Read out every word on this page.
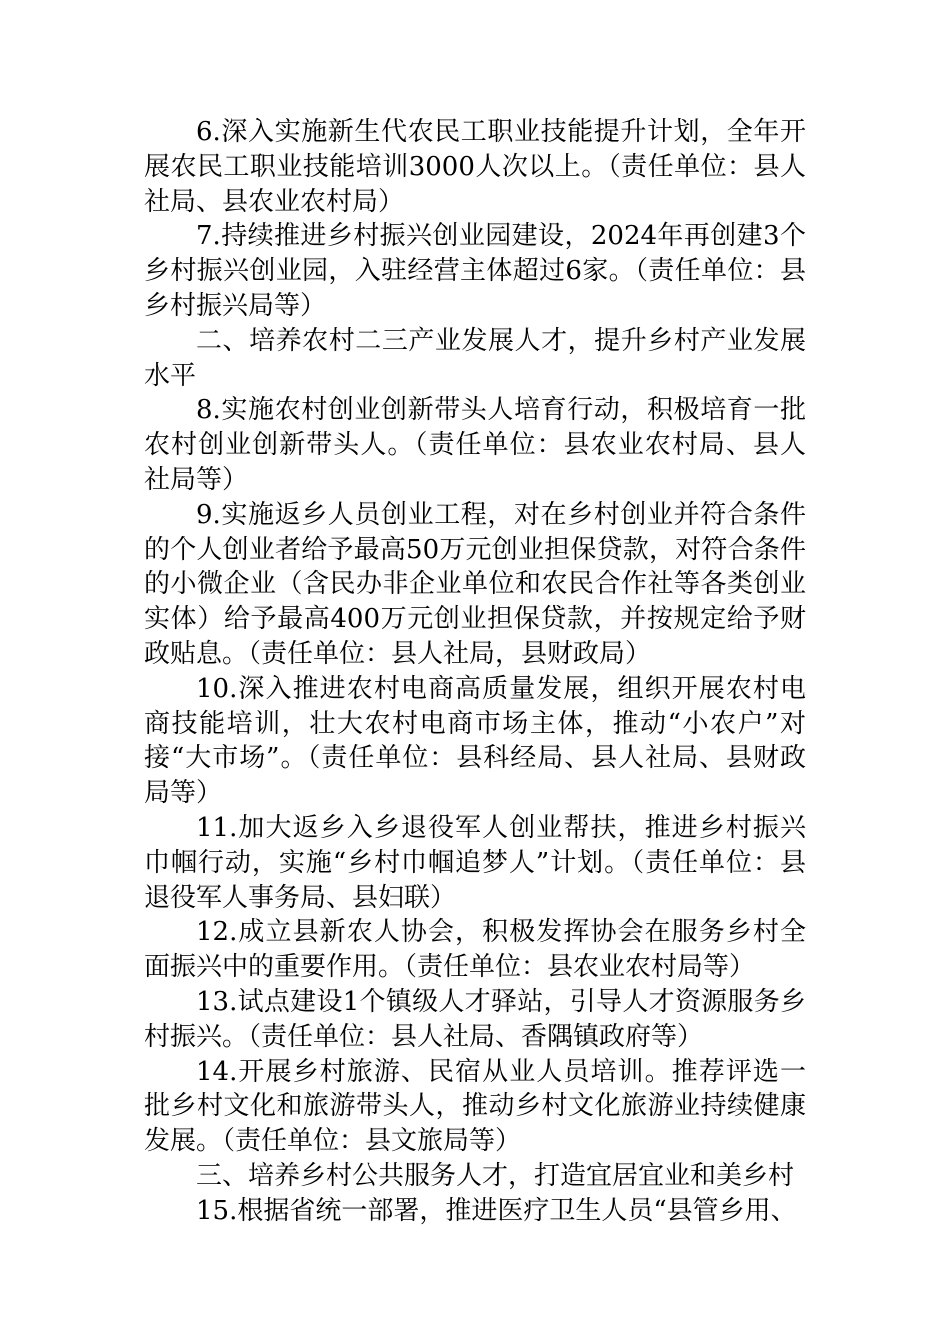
6.深入实施新生代农民工职业技能提升计划，全年开展农民工职业技能培训3000人次以上。（责任单位：县人社局、县农业农村局）

7.持续推进乡村振兴创业园建设，2024年再创建3个乡村振兴创业园，入驻经营主体超过6家。（责任单位：县乡村振兴局等）

二、培养农村二三产业发展人才，提升乡村产业发展水平

8.实施农村创业创新带头人培育行动，积极培育一批农村创业创新带头人。（责任单位：县农业农村局、县人社局等）

9.实施返乡人员创业工程，对在乡村创业并符合条件的个人创业者给予最高50万元创业担保贷款，对符合条件的小微企业（含民办非企业单位和农民合作社等各类创业实体）给予最高400万元创业担保贷款，并按规定给予财政贴息。（责任单位：县人社局，县财政局）

10.深入推进农村电商高质量发展，组织开展农村电商技能培训，壮大农村电商市场主体，推动“小农户”对接“大市场”。（责任单位：县科经局、县人社局、县财政局等）

11.加大返乡入乡退役军人创业帮扶，推进乡村振兴巾帼行动，实施“乡村巾帼追梦人”计划。（责任单位：县退役军人事务局、县妇联）

12.成立县新农人协会，积极发挥协会在服务乡村全面振兴中的重要作用。（责任单位：县农业农村局等）

13.试点建设1个镇级人才驿站，引导人才资源服务乡村振兴。（责任单位：县人社局、香隅镇政府等）

14.开展乡村旅游、民宿从业人员培训。推荐评选一批乡村文化和旅游带头人，推动乡村文化旅游业持续健康发展。（责任单位：县文旅局等）

三、培养乡村公共服务人才，打造宜居宜业和美乡村

15.根据省统一部署，推进医疗卫生人员“县管乡用、
